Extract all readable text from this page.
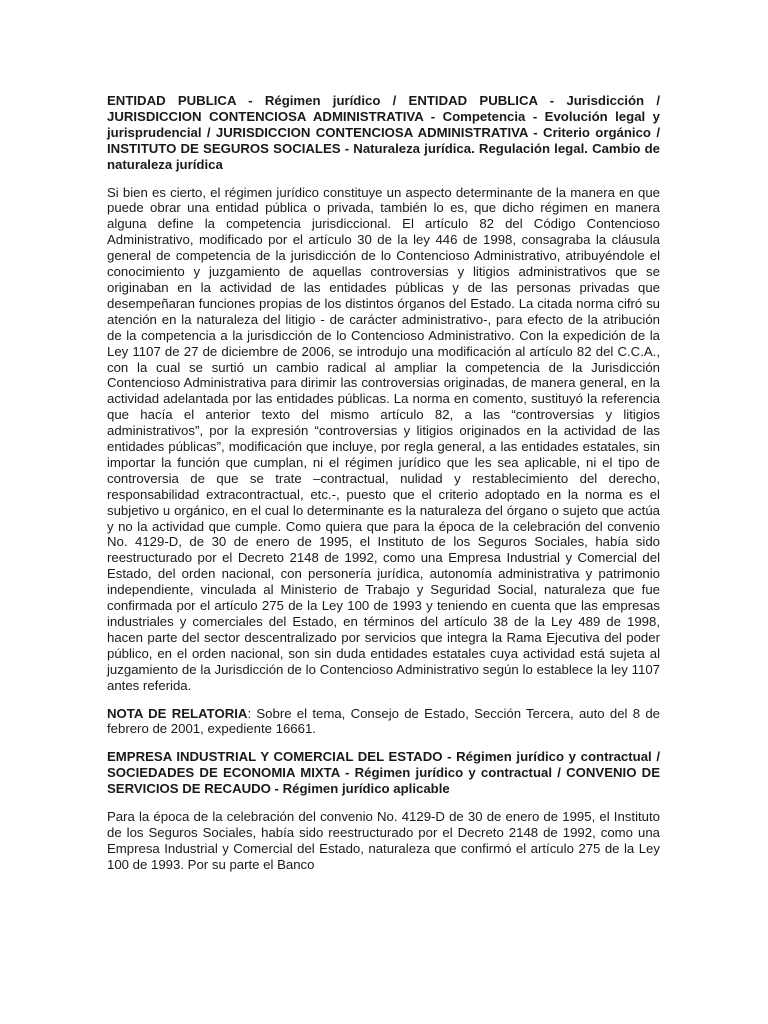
ENTIDAD PUBLICA - Régimen jurídico / ENTIDAD PUBLICA - Jurisdicción / JURISDICCION CONTENCIOSA ADMINISTRATIVA - Competencia - Evolución legal y jurisprudencial / JURISDICCION CONTENCIOSA ADMINISTRATIVA - Criterio orgánico / INSTITUTO DE SEGUROS SOCIALES - Naturaleza jurídica. Regulación legal. Cambio de naturaleza jurídica

Si bien es cierto, el régimen jurídico constituye un aspecto determinante de la manera en que puede obrar una entidad pública o privada, también lo es, que dicho régimen en manera alguna define la competencia jurisdiccional. El artículo 82 del Código Contencioso Administrativo, modificado por el artículo 30 de la ley 446 de 1998, consagraba la cláusula general de competencia de la jurisdicción de lo Contencioso Administrativo, atribuyéndole el conocimiento y juzgamiento de aquellas controversias y litigios administrativos que se originaban en la actividad de las entidades públicas y de las personas privadas que desempeñaran funciones propias de los distintos órganos del Estado. La citada norma cifró su atención en la naturaleza del litigio - de carácter administrativo-, para efecto de la atribución de la competencia a la jurisdicción de lo Contencioso Administrativo. Con la expedición de la Ley 1107 de 27 de diciembre de 2006, se introdujo una modificación al artículo 82 del C.C.A., con la cual se surtió un cambio radical al ampliar la competencia de la Jurisdicción Contencioso Administrativa para dirimir las controversias originadas, de manera general, en la actividad adelantada por las entidades públicas. La norma en comento, sustituyó la referencia que hacía el anterior texto del mismo artículo 82, a las “controversias y litigios administrativos”, por la expresión “controversias y litigios originados en la actividad de las entidades públicas”, modificación que incluye, por regla general, a las entidades estatales, sin importar la función que cumplan, ni el régimen jurídico que les sea aplicable, ni el tipo de controversia de que se trate –contractual, nulidad y restablecimiento del derecho, responsabilidad extracontractual, etc.-, puesto que el criterio adoptado en la norma es el subjetivo u orgánico, en el cual lo determinante es la naturaleza del órgano o sujeto que actúa y no la actividad que cumple. Como quiera que para la época de la celebración del convenio No. 4129-D, de 30 de enero de 1995, el Instituto de los Seguros Sociales, había sido reestructurado por el Decreto 2148 de 1992, como una Empresa Industrial y Comercial del Estado, del orden nacional, con personería jurídica, autonomía administrativa y patrimonio independiente, vinculada al Ministerio de Trabajo y Seguridad Social, naturaleza que fue confirmada por el artículo 275 de la Ley 100 de 1993 y teniendo en cuenta que las empresas industriales y comerciales del Estado, en términos del artículo 38 de la Ley 489 de 1998, hacen parte del sector descentralizado por servicios que integra la Rama Ejecutiva del poder público, en el orden nacional, son sin duda entidades estatales cuya actividad está sujeta al juzgamiento de la Jurisdicción de lo Contencioso Administrativo según lo establece la ley 1107 antes referida.

NOTA DE RELATORIA: Sobre el tema, Consejo de Estado, Sección Tercera, auto del 8 de febrero de 2001, expediente 16661.

EMPRESA INDUSTRIAL Y COMERCIAL DEL ESTADO - Régimen jurídico y contractual / SOCIEDADES DE ECONOMIA MIXTA - Régimen jurídico y contractual / CONVENIO DE SERVICIOS DE RECAUDO - Régimen jurídico aplicable

Para la época de la celebración del convenio No. 4129-D de 30 de enero de 1995, el Instituto de los Seguros Sociales, había sido reestructurado por el Decreto 2148 de 1992, como una Empresa Industrial y Comercial del Estado, naturaleza que confirmó el artículo 275 de la Ley 100 de 1993. Por su parte el Banco
